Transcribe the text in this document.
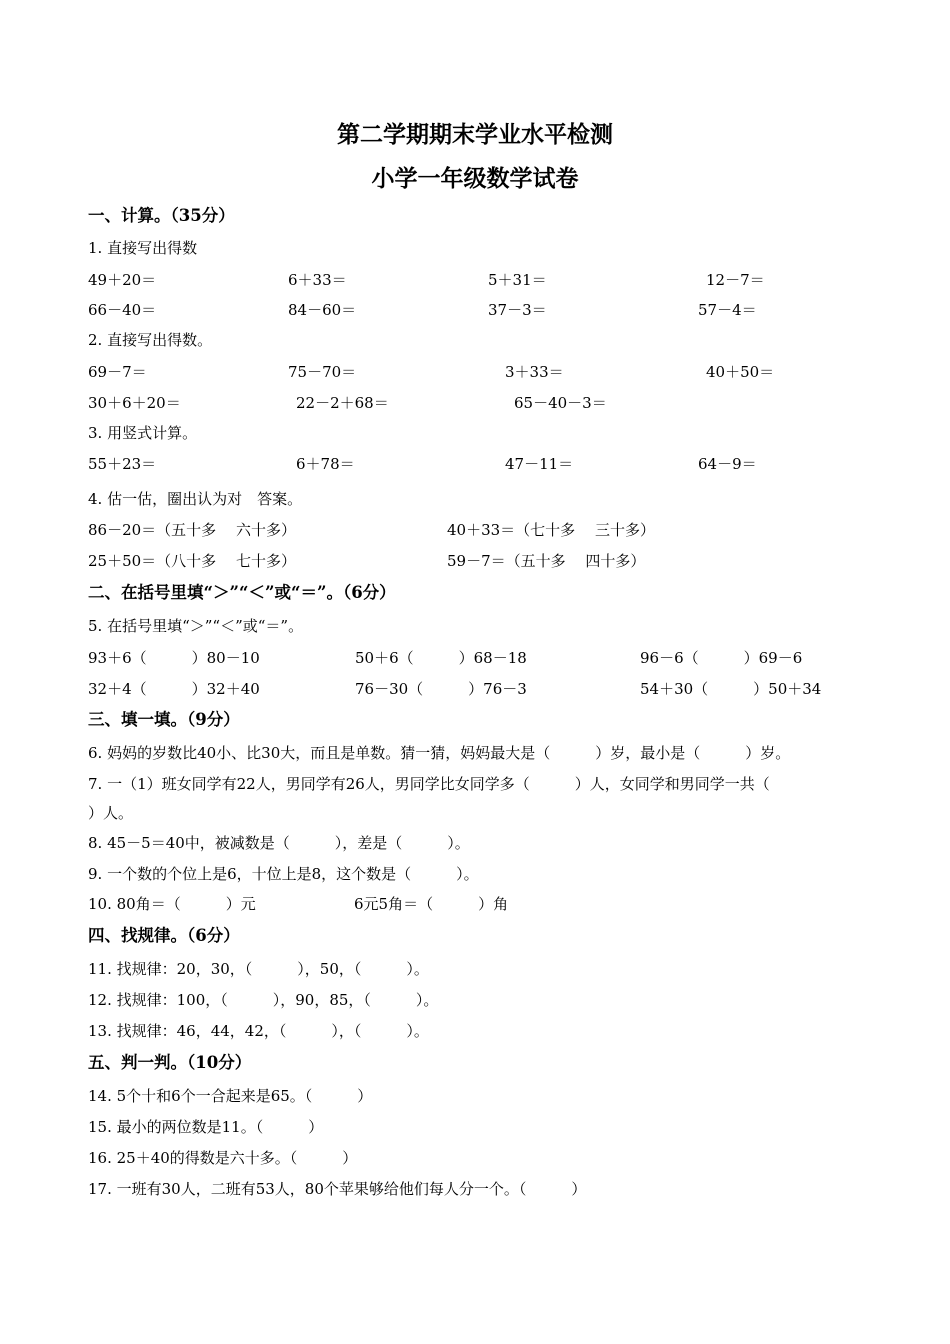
第二学期期末学业水平检测
小学一年级数学试卷
一、计算。（35分）
1. 直接写出得数
49＋20＝	6＋33＝	5＋31＝	12－7＝
66－40＝	84－60＝	37－3＝	57－4＝
2. 直接写出得数。
69－7＝	75－70＝	3＋33＝	40＋50＝
30＋6＋20＝	22－2＋68＝	65－40－3＝
3. 用竖式计算。
55＋23＝	6＋78＝	47－11＝	64－9＝
4. 估一估，圈出认为对　答案。
86－20＝（五十多　 六十多）	40＋33＝（七十多　 三十多）
25＋50＝（八十多　 七十多）	59－7＝（五十多　 四十多）
二、在括号里填“＞”“＜”或“＝”。（6分）
5. 在括号里填“＞”“＜”或“＝”。
93＋6（　　　）80－10	50＋6（　　　）68－18	96－6（　　　）69－6
32＋4（　　　）32＋40	76－30（　　　）76－3	54＋30（　　　）50＋34
三、填一填。（9分）
6. 妈妈的岁数比40小、比30大，而且是单数。猜一猜，妈妈最大是（　　　）岁，最小是（　　　）岁。
7. 一（1）班女同学有22人，男同学有26人，男同学比女同学多（　　　）人，女同学和男同学一共（
）人。
8. 45－5＝40中，被减数是（　　　），差是（　　　）。
9. 一个数的个位上是6，十位上是8，这个数是（　　　）。
10. 80角＝（　　　）元	6元5角＝（　　　）角
四、找规律。（6分）
11. 找规律：20，30，（　　　），50，（　　　）。
12. 找规律：100，（　　　），90，85，（　　　）。
13. 找规律：46，44，42，（　　　），（　　　）。
五、判一判。（10分）
14. 5个十和6个一合起来是65。（　　　）
15. 最小的两位数是11。（　　　）
16. 25＋40的得数是六十多。（　　　）
17. 一班有30人，二班有53人，80个苹果够给他们每人分一个。（　　　）
